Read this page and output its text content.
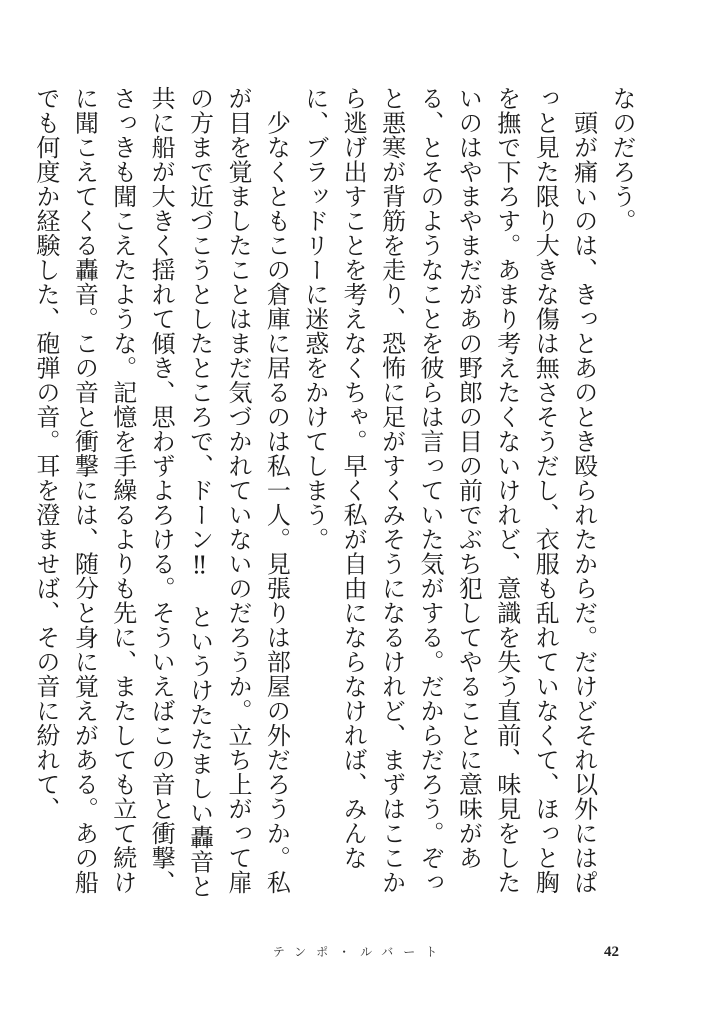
なのだろう。

　頭が痛いのは、きっとあのとき殴られたからだ。だけどそれ以外にはぱっと見た限り大きな傷は無さそうだし、衣服も乱れていなくて、ほっと胸を撫で下ろす。あまり考えたくないけれど、意識を失う直前、味見をしたいのはやまやまだがあの野郎の目の前でぶち犯してやることに意味がある、とそのようなことを彼らは言っていた気がする。だからだろう。ぞっと悪寒が背筋を走り、恐怖に足がすくみそうになるけれど、まずはここから逃げ出すことを考えなくちゃ。早く私が自由にならなければ、みんなに、ブラッドリーに迷惑をかけてしまう。

　少なくともこの倉庫に居るのは私一人。見張りは部屋の外だろうか。私が目を覚ましたことはまだ気づかれていないのだろうか。立ち上がって扉の方まで近づこうとしたところで、ドーン‼　というけたたましい轟音と共に船が大きく揺れて傾き、思わずよろける。そういえばこの音と衝撃、さっきも聞こえたような。記憶を手繰るよりも先に、またしても立て続けに聞こえてくる轟音。この音と衝撃には、随分と身に覚えがある。あの船でも何度か経験した、砲弾の音。耳を澄ませば、その音に紛れて、

テンポ・ルバート	42
